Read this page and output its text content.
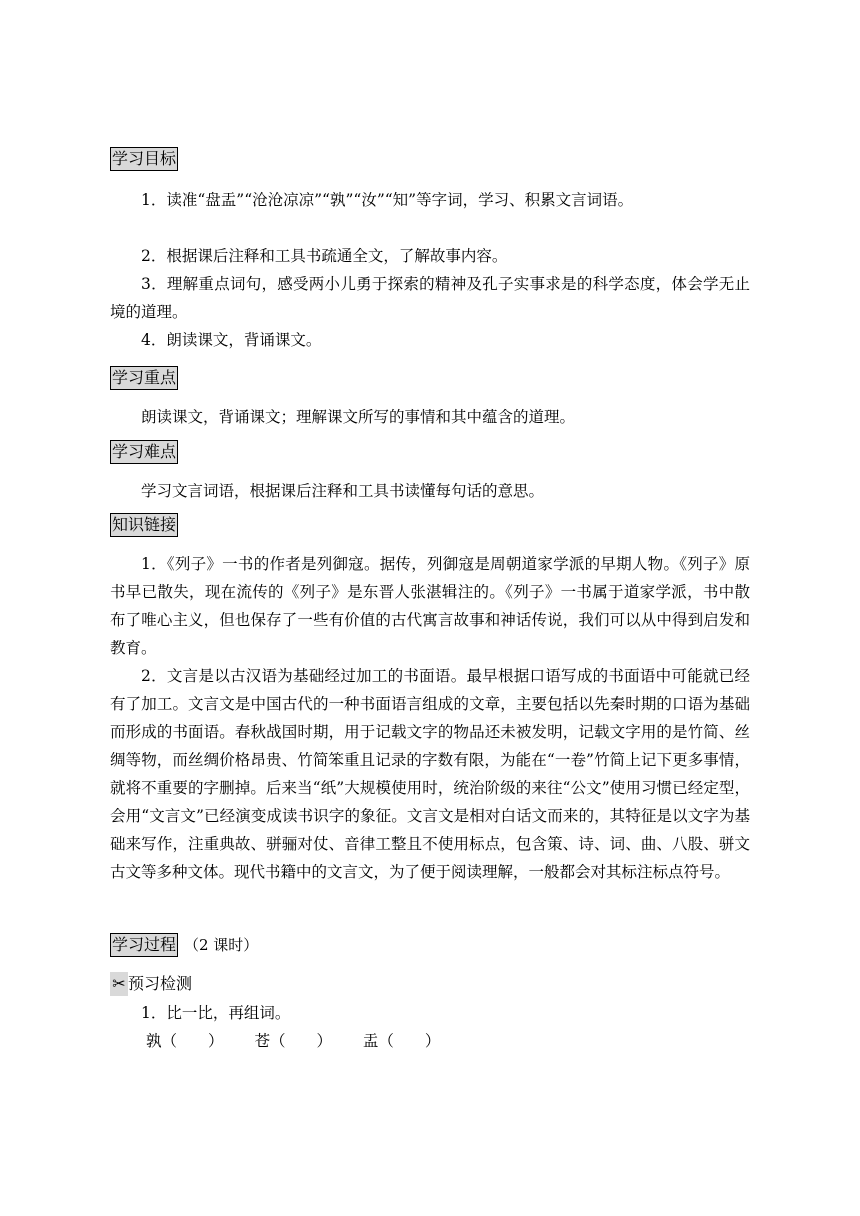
学习目标

1．读准“盘盂”“沧沧凉凉”“孰”“汝”“知”等字词，学习、积累文言词语。

2．根据课后注释和工具书疏通全文，了解故事内容。

3．理解重点词句，感受两小儿勇于探索的精神及孔子实事求是的科学态度，体会学无止境的道理。

4．朗读课文，背诵课文。

学习重点

朗读课文，背诵课文；理解课文所写的事情和其中蕴含的道理。

学习难点

学习文言词语，根据课后注释和工具书读懂每句话的意思。

知识链接

1．《列子》一书的作者是列御寇。据传，列御寇是周朝道家学派的早期人物。《列子》原书早已散失，现在流传的《列子》是东晋人张湛辑注的。《列子》一书属于道家学派，书中散布了唯心主义，但也保存了一些有价值的古代寓言故事和神话传说，我们可以从中得到启发和教育。

2．文言是以古汉语为基础经过加工的书面语。最早根据口语写成的书面语中可能就已经有了加工。文言文是中国古代的一种书面语言组成的文章，主要包括以先秦时期的口语为基础而形成的书面语。春秋战国时期，用于记载文字的物品还未被发明，记载文字用的是竹简、丝绸等物，而丝绸价格昂贵、竹简笨重且记录的字数有限，为能在“一卷”竹简上记下更多事情，就将不重要的字删掉。后来当“纸”大规模使用时，统治阶级的来往“公文”使用习惯已经定型，会用“文言文”已经演变成读书识字的象征。文言文是相对白话文而来的，其特征是以文字为基础来写作，注重典故、骈骊对仗、音律工整且不使用标点，包含策、诗、词、曲、八股、骈文古文等多种文体。现代书籍中的文言文，为了便于阅读理解，一般都会对其标注标点符号。

学习过程 （2 课时）
✂ 预习检测

1．比一比，再组词。

孰（　　） 苍（　　） 盂（　　）
